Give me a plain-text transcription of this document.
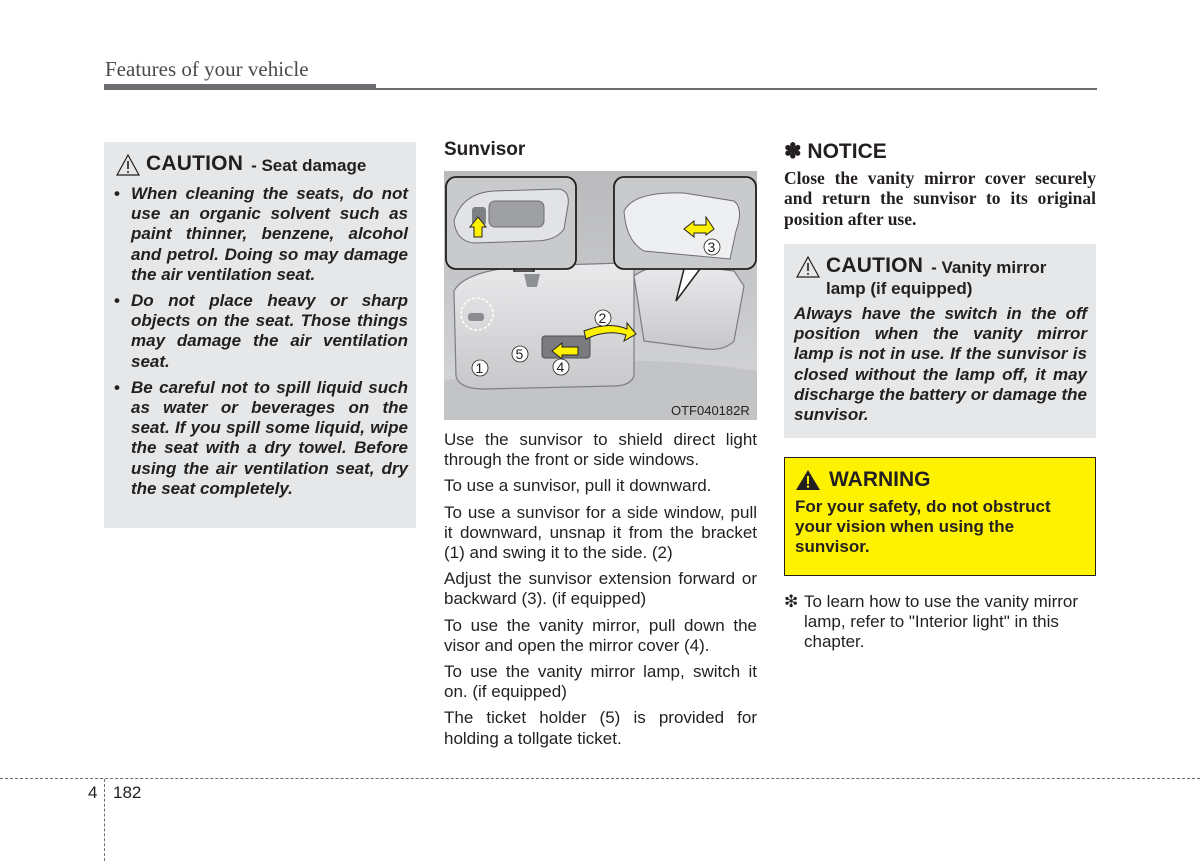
Features of your vehicle
CAUTION - Seat damage
• When cleaning the seats, do not use an organic solvent such as paint thinner, benzene, alcohol and petrol. Doing so may damage the air ventilation seat.
• Do not place heavy or sharp objects on the seat. Those things may damage the air ventilation seat.
• Be careful not to spill liquid such as water or beverages on the seat. If you spill some liquid, wipe the seat with a dry towel. Before using the air ventilation seat, dry the seat completely.
Sunvisor
1
2
3
4
5
OTF040182R

Use the sunvisor to shield direct light through the front or side windows.

To use a sunvisor, pull it downward.

To use a sunvisor for a side window, pull it downward, unsnap it from the bracket (1) and swing it to the side. (2)

Adjust the sunvisor extension forward or backward (3). (if equipped)

To use the vanity mirror, pull down the visor and open the mirror cover (4).

To use the vanity mirror lamp, switch it on. (if equipped)

The ticket holder (5) is provided for holding a tollgate ticket.

✽ NOTICE
Close the vanity mirror cover securely and return the sunvisor to its original position after use.
CAUTION - Vanity mirror
lamp (if equipped)
Always have the switch in the off position when the vanity mirror lamp is not in use. If the sunvisor is closed without the lamp off, it may discharge the battery or damage the sunvisor.
WARNING
For your safety, do not obstruct your vision when using the sunvisor.
❇ To learn how to use the vanity mirror lamp, refer to "Interior light" in this chapter.
4 182
